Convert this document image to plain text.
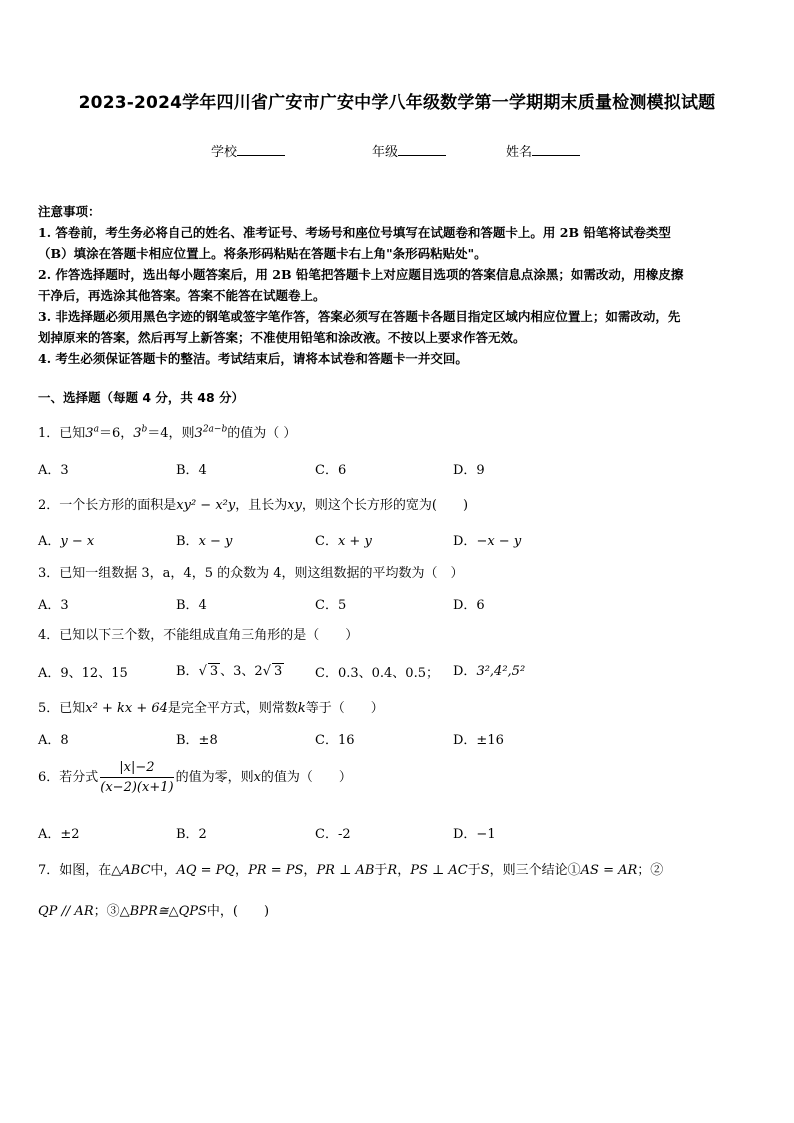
2023-2024学年四川省广安市广安中学八年级数学第一学期期末质量检测模拟试题
学校	年级	姓名
注意事项：
1. 答卷前，考生务必将自己的姓名、准考证号、考场号和座位号填写在试题卷和答题卡上。用 2B 铅笔将试卷类型
（B）填涂在答题卡相应位置上。将条形码粘贴在答题卡右上角"条形码粘贴处"。
2. 作答选择题时，选出每小题答案后，用 2B 铅笔把答题卡上对应题目选项的答案信息点涂黑；如需改动，用橡皮擦
干净后，再选涂其他答案。答案不能答在试题卷上。
3. 非选择题必须用黑色字迹的钢笔或签字笔作答，答案必须写在答题卡各题目指定区域内相应位置上；如需改动，先
划掉原来的答案，然后再写上新答案；不准使用铅笔和涂改液。不按以上要求作答无效。
4. 考生必须保证答题卡的整洁。考试结束后，请将本试卷和答题卡一并交回。
一、选择题（每题 4 分，共 48 分）
1．已知$3^a=6$，$3^b=4$，则$3^{2a-b}$的值为（ ）
A．3	B．4	C．6	D．9
2．一个长方形的面积是xy² − x²y，且长为xy，则这个长方形的宽为(　　)
A．y − x	B．x − y	C．x + y	D．−x − y
3．已知一组数据 3，a，4，5 的众数为 4，则这组数据的平均数为（　）
A．3	B．4	C．5	D．6
4．已知以下三个数，不能组成直角三角形的是（　　）
A．9、12、15	B．√ 3 、3、2√ 3	C．0.3、0.4、0.5； D．3²,4²,5²
5．已知x² + kx + 64是完全平方式，则常数k等于（　　）
A．8	B．±8	C．16	D．±16
6．若分式 $\frac{|x|-2}{(x-2)(x+1)}$ 的值为零，则x的值为（　　）
A．±2	B．2	C．-2	D．−1
7．如图，在△ABC中，AQ = PQ，PR = PS，PR ⊥ AB于R，PS ⊥ AC于S，则三个结论①AS = AR；②
QP // AR；③△BPR≅△QPS中，(　　)
